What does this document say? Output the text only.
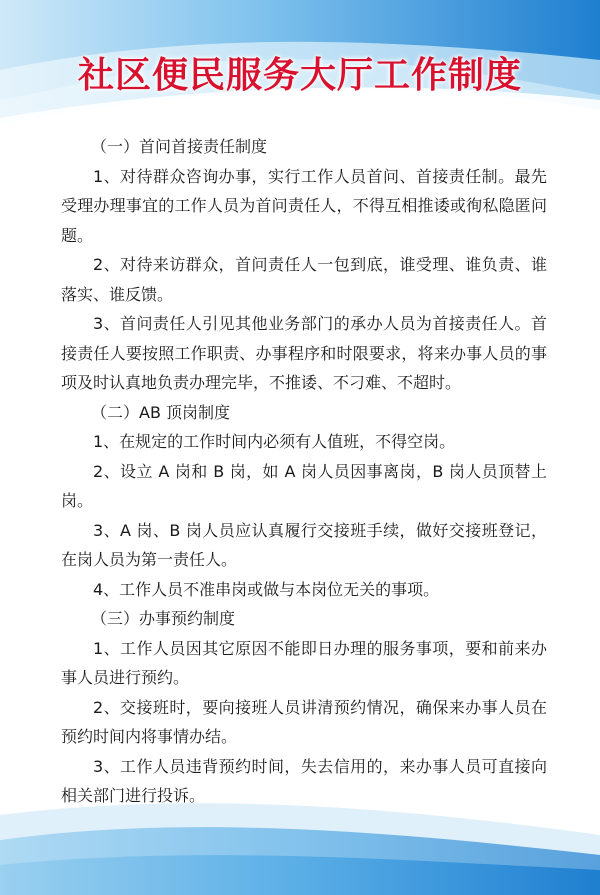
社区便民服务大厅工作制度

（一）首问首接责任制度

1、对待群众咨询办事，实行工作人员首问、首接责任制。最先受理办理事宜的工作人员为首问责任人，不得互相推诿或徇私隐匿问题。

2、对待来访群众，首问责任人一包到底，谁受理、谁负责、谁落实、谁反馈。

3、首问责任人引见其他业务部门的承办人员为首接责任人。首接责任人要按照工作职责、办事程序和时限要求，将来办事人员的事项及时认真地负责办理完毕，不推诿、不刁难、不超时。

（二）AB 顶岗制度

1、在规定的工作时间内必须有人值班，不得空岗。

2、设立 A 岗和 B 岗，如 A 岗人员因事离岗，B 岗人员顶替上岗。

3、A 岗、B 岗人员应认真履行交接班手续，做好交接班登记，在岗人员为第一责任人。

4、工作人员不准串岗或做与本岗位无关的事项。

（三）办事预约制度

1、工作人员因其它原因不能即日办理的服务事项，要和前来办事人员进行预约。

2、交接班时，要向接班人员讲清预约情况，确保来办事人员在预约时间内将事情办结。

3、工作人员违背预约时间，失去信用的，来办事人员可直接向相关部门进行投诉。
